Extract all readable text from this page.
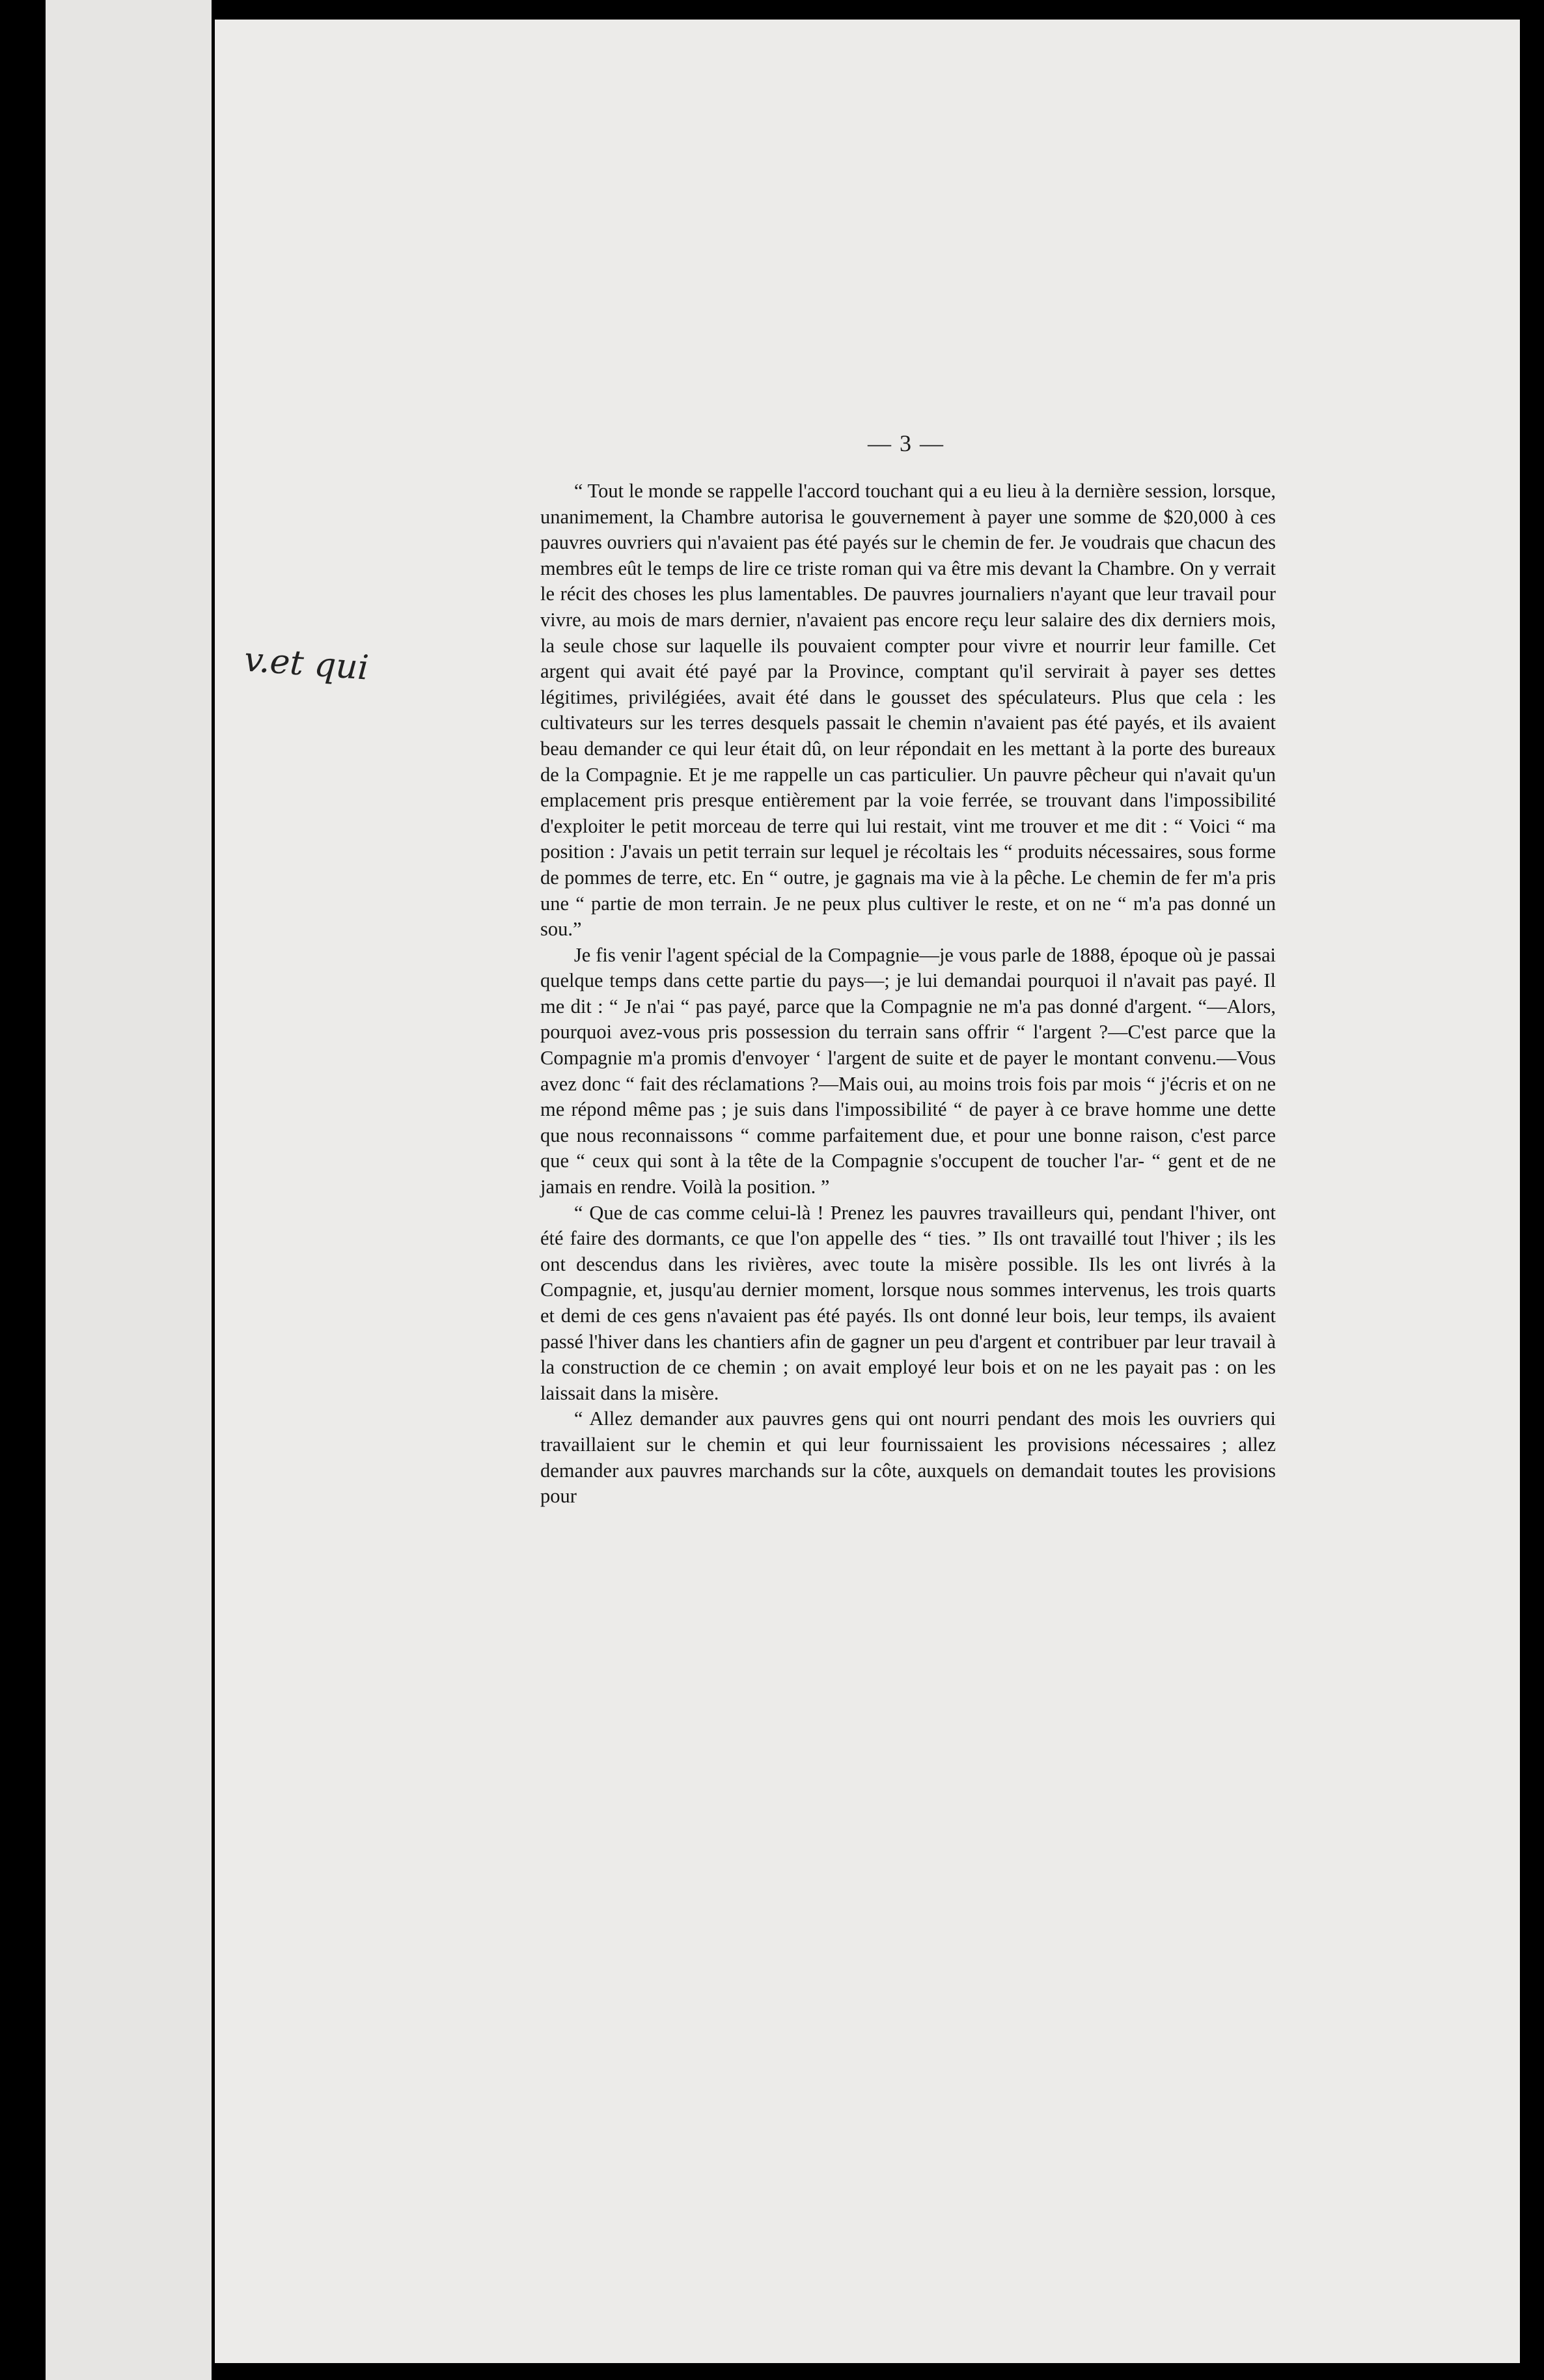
— 3 —
v.et qui

“ Tout le monde se rappelle l'accord touchant qui a eu lieu à la dernière session, lorsque, unanimement, la Chambre autorisa le gouvernement à payer une somme de $20,000 à ces pauvres ouvriers qui n'avaient pas été payés sur le chemin de fer. Je voudrais que chacun des membres eût le temps de lire ce triste roman qui va être mis devant la Chambre. On y verrait le récit des choses les plus lamentables. De pauvres journaliers n'ayant que leur travail pour vivre, au mois de mars dernier, n'avaient pas encore reçu leur salaire des dix derniers mois, la seule chose sur laquelle ils pouvaient compter pour vivre et nourrir leur famille. Cet argent qui avait été payé par la Province, comptant qu'il servirait à payer ses dettes légitimes, privilégiées, avait été dans le gousset des spéculateurs. Plus que cela : les cultivateurs sur les terres desquels passait le chemin n'avaient pas été payés, et ils avaient beau demander ce qui leur était dû, on leur répondait en les mettant à la porte des bureaux de la Compagnie. Et je me rappelle un cas particulier. Un pauvre pêcheur qui n'avait qu'un emplacement pris presque entièrement par la voie ferrée, se trouvant dans l'impossibilité d'exploiter le petit morceau de terre qui lui restait, vint me trouver et me dit : “ Voici “ ma position : J'avais un petit terrain sur lequel je récoltais les “ produits nécessaires, sous forme de pommes de terre, etc. En “ outre, je gagnais ma vie à la pêche. Le chemin de fer m'a pris une “ partie de mon terrain. Je ne peux plus cultiver le reste, et on ne “ m'a pas donné un sou.”

Je fis venir l'agent spécial de la Compagnie—je vous parle de 1888, époque où je passai quelque temps dans cette partie du pays—; je lui demandai pourquoi il n'avait pas payé. Il me dit : “ Je n'ai “ pas payé, parce que la Compagnie ne m'a pas donné d'argent. “—Alors, pourquoi avez-vous pris possession du terrain sans offrir “ l'argent ?—C'est parce que la Compagnie m'a promis d'envoyer ‘ l'argent de suite et de payer le montant convenu.—Vous avez donc “ fait des réclamations ?—Mais oui, au moins trois fois par mois “ j'écris et on ne me répond même pas ; je suis dans l'impossibilité “ de payer à ce brave homme une dette que nous reconnaissons “ comme parfaitement due, et pour une bonne raison, c'est parce que “ ceux qui sont à la tête de la Compagnie s'occupent de toucher l'ar- “ gent et de ne jamais en rendre. Voilà la position. ”

“ Que de cas comme celui-là ! Prenez les pauvres travailleurs qui, pendant l'hiver, ont été faire des dormants, ce que l'on appelle des “ ties. ” Ils ont travaillé tout l'hiver ; ils les ont descendus dans les rivières, avec toute la misère possible. Ils les ont livrés à la Compagnie, et, jusqu'au dernier moment, lorsque nous sommes intervenus, les trois quarts et demi de ces gens n'avaient pas été payés. Ils ont donné leur bois, leur temps, ils avaient passé l'hiver dans les chantiers afin de gagner un peu d'argent et contribuer par leur travail à la construction de ce chemin ; on avait employé leur bois et on ne les payait pas : on les laissait dans la misère.

“ Allez demander aux pauvres gens qui ont nourri pendant des mois les ouvriers qui travaillaient sur le chemin et qui leur fournissaient les provisions nécessaires ; allez demander aux pauvres marchands sur la côte, auxquels on demandait toutes les provisions pour
